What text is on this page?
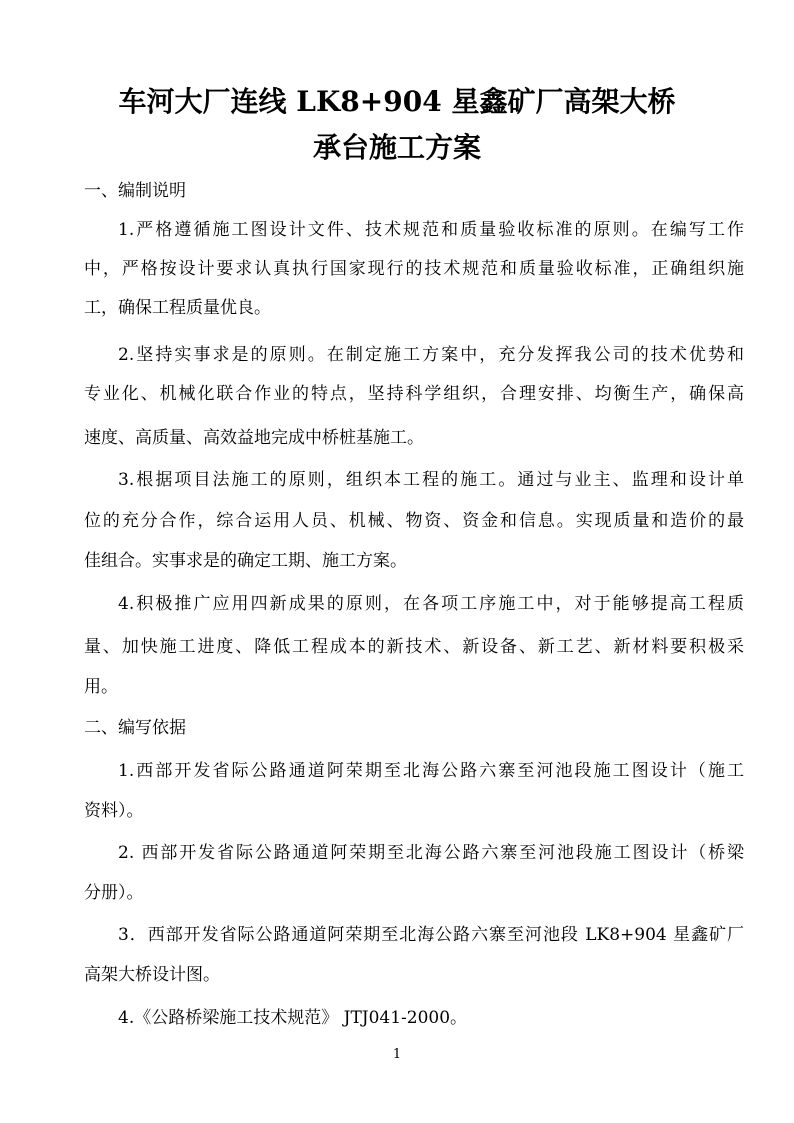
车河大厂连线 LK8+904 星鑫矿厂高架大桥
承台施工方案
一、编制说明
1.严格遵循施工图设计文件、技术规范和质量验收标准的原则。在编写工作
中，严格按设计要求认真执行国家现行的技术规范和质量验收标准，正确组织施
工，确保工程质量优良。
2.坚持实事求是的原则。在制定施工方案中，充分发挥我公司的技术优势和
专业化、机械化联合作业的特点，坚持科学组织，合理安排、均衡生产，确保高
速度、高质量、高效益地完成中桥桩基施工。
3.根据项目法施工的原则，组织本工程的施工。通过与业主、监理和设计单
位的充分合作，综合运用人员、机械、物资、资金和信息。实现质量和造价的最
佳组合。实事求是的确定工期、施工方案。
4.积极推广应用四新成果的原则，在各项工序施工中，对于能够提高工程质
量、加快施工进度、降低工程成本的新技术、新设备、新工艺、新材料要积极采
用。
二、编写依据
1.西部开发省际公路通道阿荣期至北海公路六寨至河池段施工图设计（施工
资料）。
2. 西部开发省际公路通道阿荣期至北海公路六寨至河池段施工图设计（桥梁
分册）。
3．西部开发省际公路通道阿荣期至北海公路六寨至河池段 LK8+904 星鑫矿厂
高架大桥设计图。
4.《公路桥梁施工技术规范》 JTJ041-2000。
1
